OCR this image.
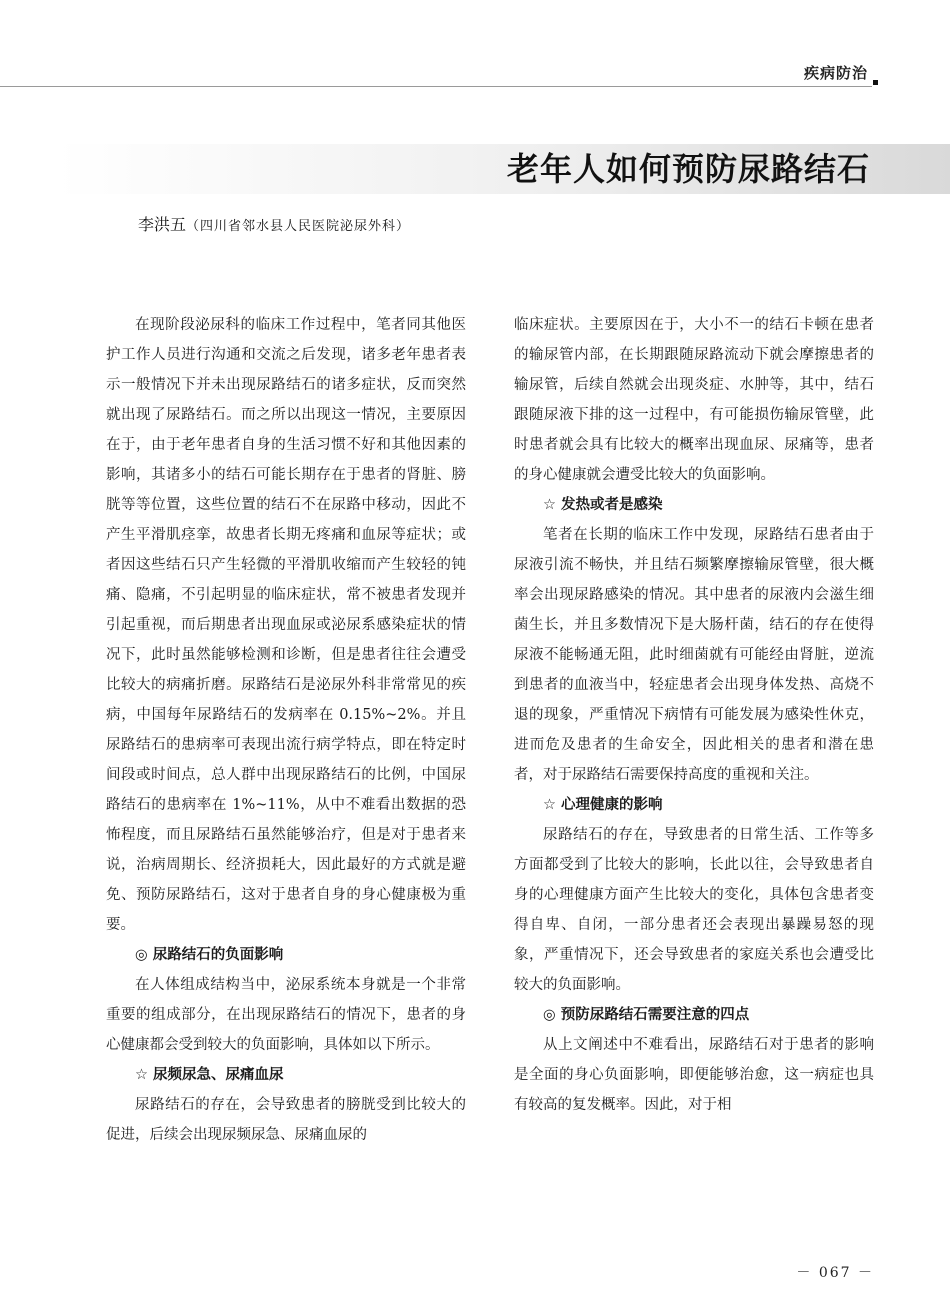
疾病防治
老年人如何预防尿路结石
李洪五（四川省邻水县人民医院泌尿外科）

在现阶段泌尿科的临床工作过程中，笔者同其他医护工作人员进行沟通和交流之后发现，诸多老年患者表示一般情况下并未出现尿路结石的诸多症状，反而突然就出现了尿路结石。而之所以出现这一情况，主要原因在于，由于老年患者自身的生活习惯不好和其他因素的影响，其诸多小的结石可能长期存在于患者的肾脏、膀胱等等位置，这些位置的结石不在尿路中移动，因此不产生平滑肌痉挛，故患者长期无疼痛和血尿等症状；或者因这些结石只产生轻微的平滑肌收缩而产生较轻的钝痛、隐痛，不引起明显的临床症状，常不被患者发现并引起重视，而后期患者出现血尿或泌尿系感染症状的情况下，此时虽然能够检测和诊断，但是患者往往会遭受比较大的病痛折磨。尿路结石是泌尿外科非常常见的疾病，中国每年尿路结石的发病率在 0.15%~2%。并且尿路结石的患病率可表现出流行病学特点，即在特定时间段或时间点，总人群中出现尿路结石的比例，中国尿路结石的患病率在 1%~11%，从中不难看出数据的恐怖程度，而且尿路结石虽然能够治疗，但是对于患者来说，治病周期长、经济损耗大，因此最好的方式就是避免、预防尿路结石，这对于患者自身的身心健康极为重要。

◎ 尿路结石的负面影响

在人体组成结构当中，泌尿系统本身就是一个非常重要的组成部分，在出现尿路结石的情况下，患者的身心健康都会受到较大的负面影响，具体如以下所示。

☆ 尿频尿急、尿痛血尿

尿路结石的存在，会导致患者的膀胱受到比较大的促进，后续会出现尿频尿急、尿痛血尿的

临床症状。主要原因在于，大小不一的结石卡顿在患者的输尿管内部，在长期跟随尿路流动下就会摩擦患者的输尿管，后续自然就会出现炎症、水肿等，其中，结石跟随尿液下排的这一过程中，有可能损伤输尿管壁，此时患者就会具有比较大的概率出现血尿、尿痛等，患者的身心健康就会遭受比较大的负面影响。

☆ 发热或者是感染

笔者在长期的临床工作中发现，尿路结石患者由于尿液引流不畅快，并且结石频繁摩擦输尿管壁，很大概率会出现尿路感染的情况。其中患者的尿液内会滋生细菌生长，并且多数情况下是大肠杆菌，结石的存在使得尿液不能畅通无阻，此时细菌就有可能经由肾脏，逆流到患者的血液当中，轻症患者会出现身体发热、高烧不退的现象，严重情况下病情有可能发展为感染性休克，进而危及患者的生命安全，因此相关的患者和潜在患者，对于尿路结石需要保持高度的重视和关注。

☆ 心理健康的影响

尿路结石的存在，导致患者的日常生活、工作等多方面都受到了比较大的影响，长此以往，会导致患者自身的心理健康方面产生比较大的变化，具体包含患者变得自卑、自闭，一部分患者还会表现出暴躁易怒的现象，严重情况下，还会导致患者的家庭关系也会遭受比较大的负面影响。

◎ 预防尿路结石需要注意的四点

从上文阐述中不难看出，尿路结石对于患者的影响是全面的身心负面影响，即便能够治愈，这一病症也具有较高的复发概率。因此，对于相

－ 067 －
